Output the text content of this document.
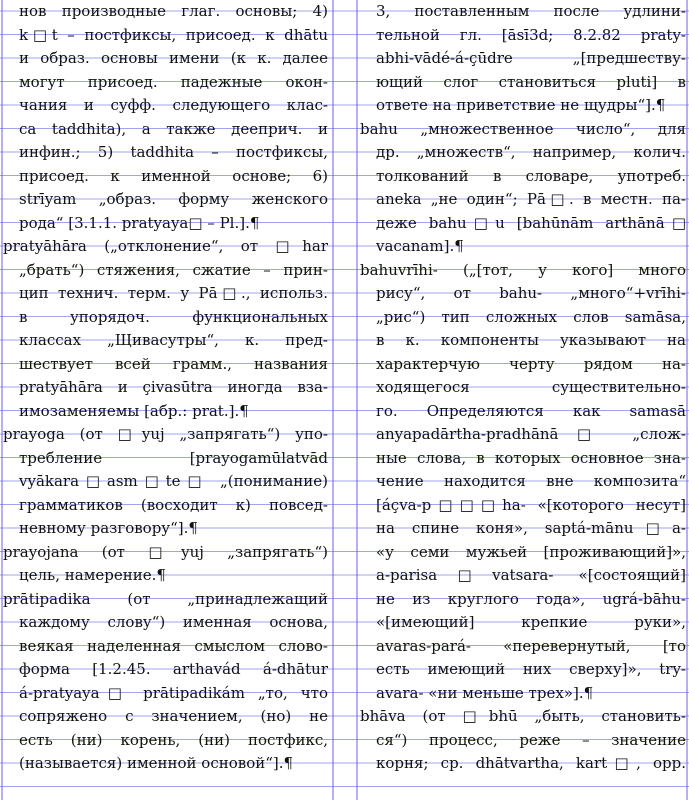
нов производные глаг. основы; 4)
k□t – постфиксы, присоед. к dhātu
и образ. основы имени (к к. далее
могут присоед. падежные окон-
чания и суфф. следующего клас-
са taddhita), а также дееприч. и
инфин.; 5) taddhita – постфиксы,
присоед. к именной основе; 6)
strīyam „образ. форму женского
рода“ [3.1.1. pratyaya□ – Pl.].¶
pratyāhāra („отклонение“, от □har
„брать“) стяжения, сжатие – прин-
цип технич. терм. у Pā□., использ.
в упорядоч. функциональных
классах „Щивасутры“, к. пред-
шествует всей грамм., названия
pratyāhāra и çivasūtra иногда вза-
имозаменяемы [абр.: prat.].¶
prayoga (от □yuj „запрягать“) упо-
требление [prayogamūlatvād
vyākara□asm□te□ „(понимание)
грамматиков (восходит к) повсед-
невному разговору“].¶
prayojana (от □yuj „запрягать“)
цель, намерение.¶
prātipadika (от „принадлежащий
каждому слову“) именная основа,
веякая наделенная смыслом слово-
форма [1.2.45. arthavád á-dhātur
á-pratyaya□ prātipadikám „то, что
сопряжено с значением, (но) не
есть (ни) корень, (ни) постфикс,
(называется) именной основой“].¶
3, поставленным после удлини-
тельной гл. [āsī3d; 8.2.82 praty-
abhi-vādé-á-çūdre „[предшеству-
ющий слог становиться pluti] в
ответе на приветствие не щудры“].¶
bahu „множественное число“, для
др. „множеств“, например, колич.
толкований в словаре, употреб.
aneka „не один“; Pā□. в местн. па-
деже bahu□u [bahūnām arthānā□
vacanam].¶
bahuvrīhi- („[тот, у кого] много
рису“, от bahu- „много“+vrīhi-
„рис“) тип сложных слов samāsa,
в к. компоненты указывают на
характерчую черту рядом на-
ходящегося существительно-
го. Определяются как samasā
anyapadārtha-pradhānā□ „слож-
ные слова, в которых основное зна-
чение находится вне композита“
[áçva-p□□□ha- «[которого несут]
на спине коня», saptá-mānu□a-
«у семи мужьей [проживающий]»,
a-parisa□vatsara- «[состоящий]
не из круглого года», ugrá-bāhu-
«[имеющий] крепкие руки»,
avaras-pará- «перевернутый, [то
есть имеющий них сверху]», try-
avara- «ни меньше трех»].¶
bhāva (от □bhū „быть, становить-
ся“) процесс, реже – значение
корня; ср. dhātvartha, kart□, орр.
